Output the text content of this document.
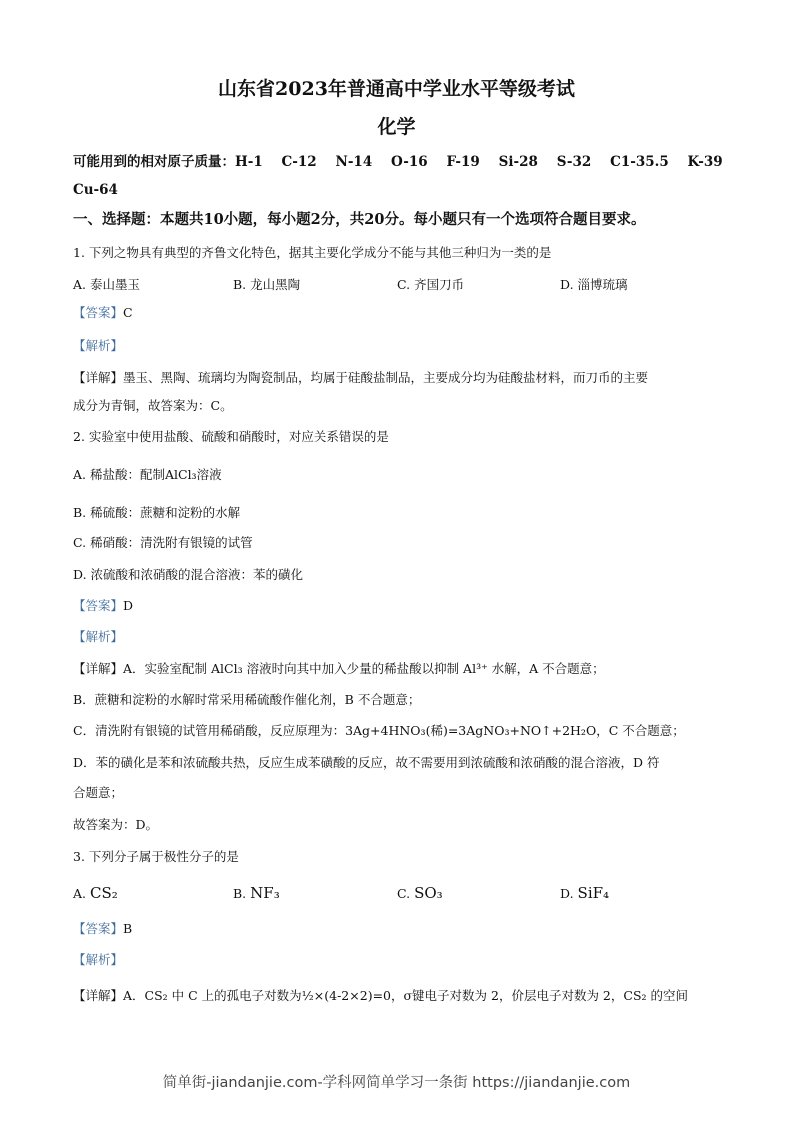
山东省2023年普通高中学业水平等级考试
化学
可能用到的相对原子质量：H-1    C-12    N-14    O-16    F-19    Si-28    S-32    C1-35.5    K-39
Cu-64
一、选择题：本题共10小题，每小题2分，共20分。每小题只有一个选项符合题目要求。
1. 下列之物具有典型的齐鲁文化特色，据其主要化学成分不能与其他三种归为一类的是
A. 泰山墨玉	B. 龙山黑陶	C. 齐国刀币	D. 淄博琉璃
【答案】C
【解析】
【详解】墨玉、黑陶、琉璃均为陶瓷制品，均属于硅酸盐制品，主要成分均为硅酸盐材料，而刀币的主要
成分为青铜，故答案为：C。
2. 实验室中使用盐酸、硫酸和硝酸时，对应关系错误的是
A. 稀盐酸：配制AlCl₃溶液
B. 稀硫酸：蔗糖和淀粉的水解
C. 稀硝酸：清洗附有银镜的试管
D. 浓硫酸和浓硝酸的混合溶液：苯的磺化
【答案】D
【解析】
【详解】A．实验室配制 AlCl₃ 溶液时向其中加入少量的稀盐酸以抑制 Al³⁺ 水解，A 不合题意；
B．蔗糖和淀粉的水解时常采用稀硫酸作催化剂，B 不合题意；
C．清洗附有银镜的试管用稀硝酸，反应原理为：3Ag+4HNO₃(稀)=3AgNO₃+NO↑+2H₂O，C 不合题意；
D．苯的磺化是苯和浓硫酸共热，反应生成苯磺酸的反应，故不需要用到浓硫酸和浓硝酸的混合溶液，D 符
合题意；
故答案为：D。
3. 下列分子属于极性分子的是
A. CS₂	B. NF₃	C. SO₃	D. SiF₄
【答案】B
【解析】
【详解】A．CS₂ 中 C 上的孤电子对数为½×(4-2×2)=0，σ键电子对数为 2，价层电子对数为 2，CS₂ 的空间
简单街-jiandanjie.com-学科网简单学习一条街 https://jiandanjie.com
